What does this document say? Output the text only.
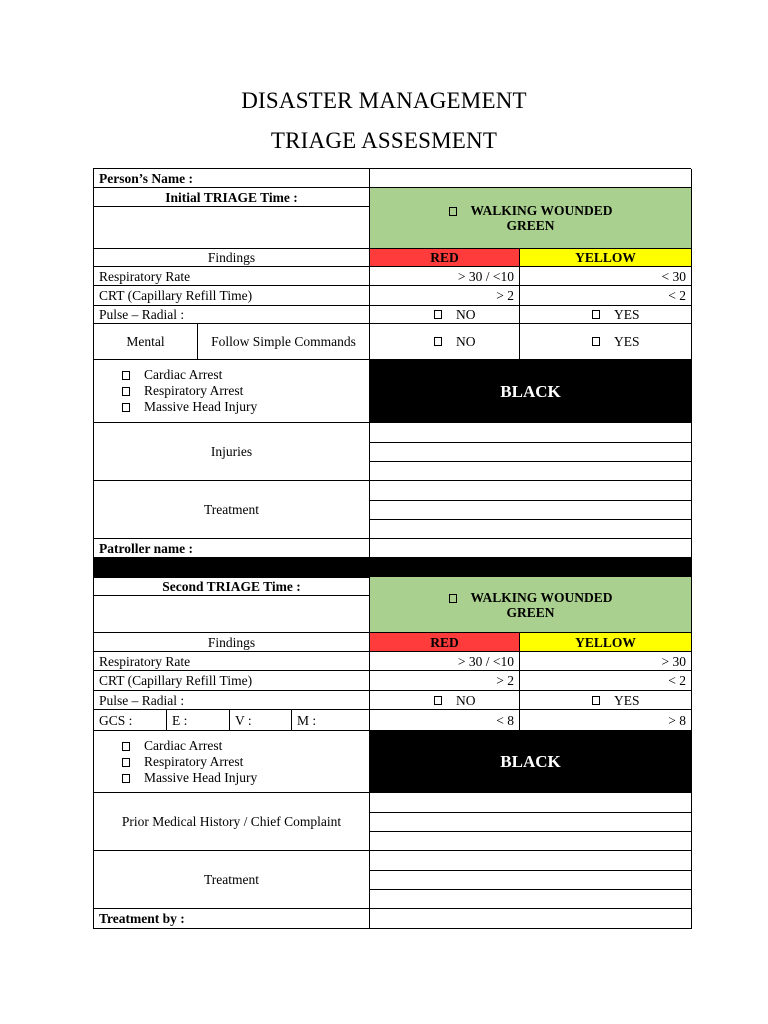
DISASTER MANAGEMENT
TRIAGE ASSESMENT
Person’s Name :
Initial TRIAGE Time :
WALKING WOUNDED
GREEN
Findings	RED	YELLOW
Respiratory Rate	> 30 / <10	< 30
CRT (Capillary Refill Time)	> 2	< 2
Pulse – Radial :	NO	YES
Mental	Follow Simple Commands	NO	YES
Cardiac Arrest
Respiratory Arrest
Massive Head Injury
BLACK
Injuries
Treatment
Patroller name :
Second TRIAGE Time :
WALKING WOUNDED
GREEN
Findings	RED	YELLOW
Respiratory Rate	> 30 / <10	> 30
CRT (Capillary Refill Time)	> 2	< 2
Pulse – Radial :	NO	YES
GCS :	E :	V :	M :	< 8	> 8
Cardiac Arrest
Respiratory Arrest
Massive Head Injury
BLACK
Prior Medical History / Chief Complaint
Treatment
Treatment by :
